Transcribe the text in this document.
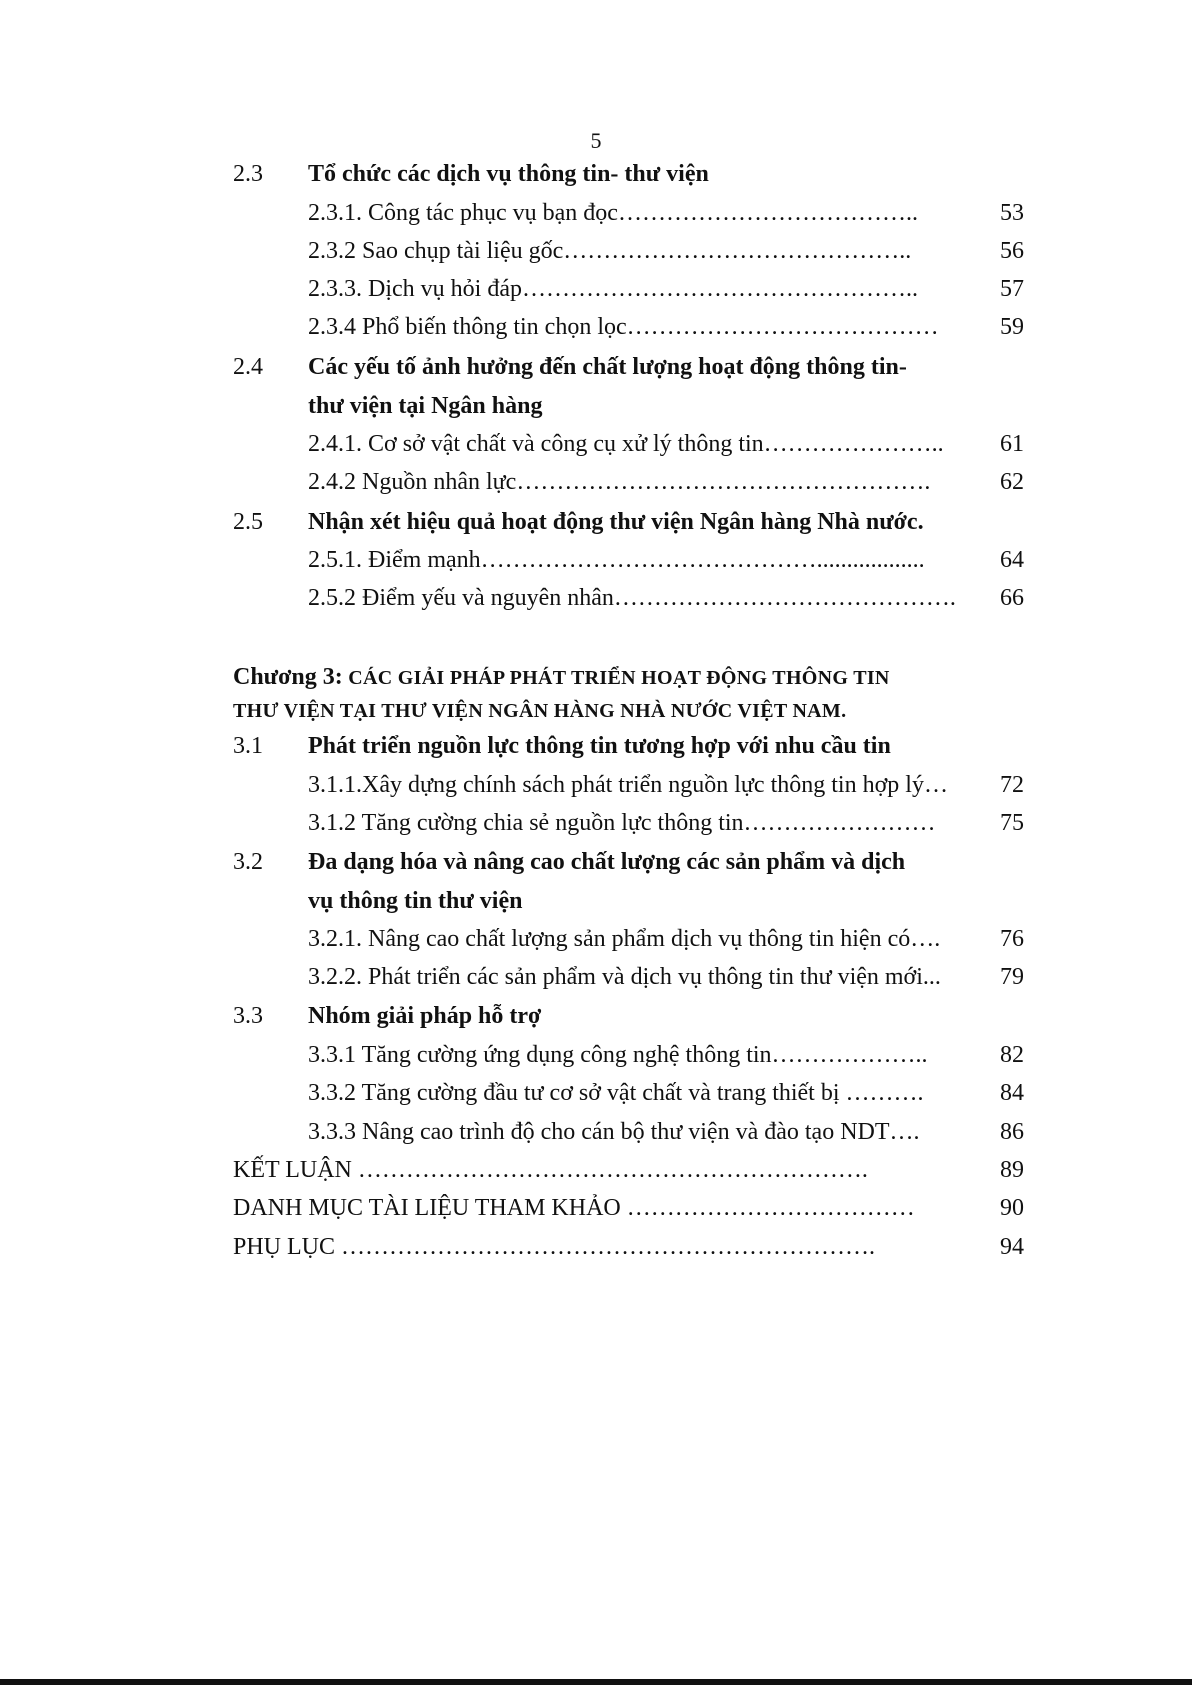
5
2.3 Tổ chức các dịch vụ thông tin- thư viện
2.3.1. Công tác phục vụ bạn đọc………………………………..	53
2.3.2 Sao chụp tài liệu gốc……………………………………..	56
2.3.3. Dịch vụ hỏi đáp…………………………………………..	57
2.3.4 Phổ biến thông tin chọn lọc…………………………………	59
2.4 Các yếu tố ảnh hưởng đến chất lượng hoạt động thông tin-
thư viện tại Ngân hàng
2.4.1. Cơ sở vật chất và công cụ xử lý thông tin………………….. 61
2.4.2 Nguồn nhân lực…………………………………………….	62
2.5 Nhận xét hiệu quả hoạt động thư viện Ngân hàng Nhà nước.
2.5.1. Điểm mạnh……………………………………..................	64
2.5.2 Điểm yếu và nguyên nhân……………………………………. 66
Chương 3: CÁC GIẢI PHÁP PHÁT TRIỂN HOẠT ĐỘNG THÔNG TIN
THƯ VIỆN TẠI THƯ VIỆN NGÂN HÀNG NHÀ NƯỚC VIỆT NAM.
3.1 Phát triển nguồn lực thông tin tương hợp với nhu cầu tin
3.1.1.Xây dựng chính sách phát triển nguồn lực thông tin hợp lý… 72
3.1.2 Tăng cường chia sẻ nguồn lực thông tin……………………	75
3.2 Đa dạng hóa và nâng cao chất lượng các sản phẩm và dịch
vụ thông tin thư viện
3.2.1. Nâng cao chất lượng sản phẩm dịch vụ thông tin hiện có…. 76
3.2.2. Phát triển các sản phẩm và dịch vụ thông tin thư viện mới... 79
3.3 Nhóm giải pháp hỗ trợ
3.3.1 Tăng cường ứng dụng công nghệ thông tin………………..	82
3.3.2 Tăng cường đầu tư cơ sở vật chất và trang thiết bị ……….	84
3.3.3 Nâng cao trình độ cho cán bộ thư viện và đào tạo NDT….	86
KẾT LUẬN ……………………………………………………….	89
DANH MỤC TÀI LIỆU THAM KHẢO ………………………………	90
PHỤ LỤC ………………………………………………………….	94
